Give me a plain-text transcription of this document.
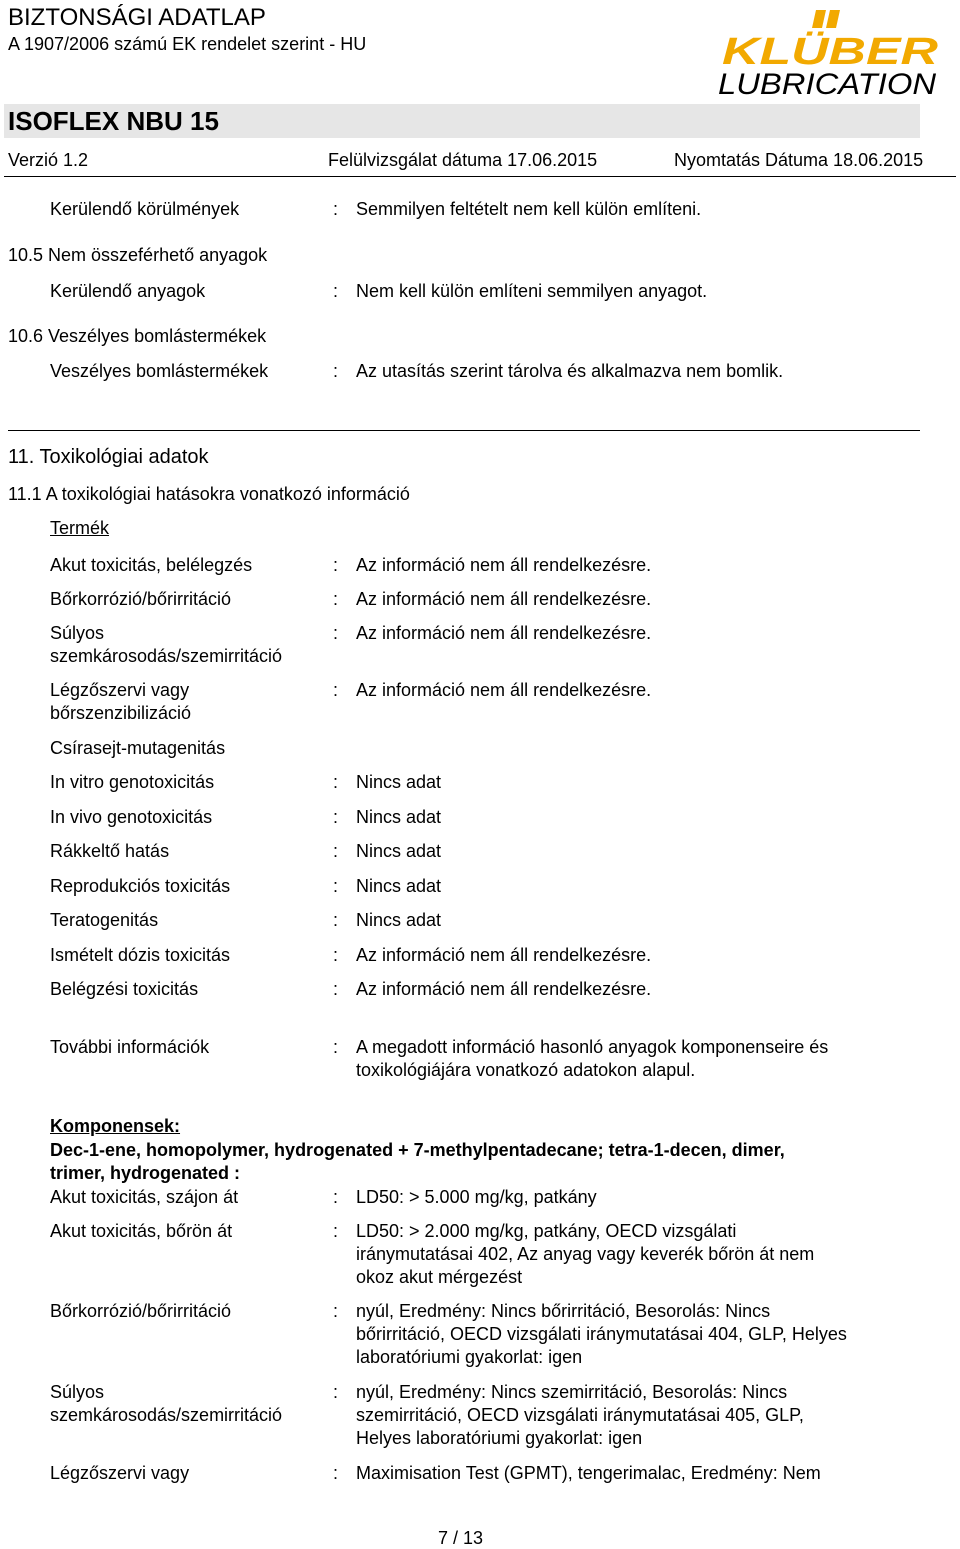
BIZTONSÁGI ADATLAP
A 1907/2006 számú EK rendelet szerint - HU	KLÜBER
LUBRICATION
ISOFLEX NBU 15
Verzió 1.2	Felülvizsgálat dátuma 17.06.2015	Nyomtatás Dátuma 18.06.2015
Kerülendő körülmények	: Semmilyen feltételt nem kell külön említeni.
10.5 Nem összeférhető anyagok
Kerülendő anyagok	: Nem kell külön említeni semmilyen anyagot.
10.6 Veszélyes bomlástermékek
Veszélyes bomlástermékek	: Az utasítás szerint tárolva és alkalmazva nem bomlik.
11. Toxikológiai adatok
11.1 A toxikológiai hatásokra vonatkozó információ
Termék
Akut toxicitás, belélegzés	: Az információ nem áll rendelkezésre.
Bőrkorrózió/bőrirritáció	: Az információ nem áll rendelkezésre.
Súlyos
szemkárosodás/szemirritáció
: Az információ nem áll rendelkezésre.
Légzőszervi vagy
bőrszenzibilizáció
: Az információ nem áll rendelkezésre.
Csírasejt-mutagenitás
In vitro genotoxicitás	: Nincs adat
In vivo genotoxicitás	: Nincs adat
Rákkeltő hatás	: Nincs adat
Reprodukciós toxicitás	: Nincs adat
Teratogenitás	: Nincs adat
Ismételt dózis toxicitás	: Az információ nem áll rendelkezésre.
Belégzési toxicitás	: Az információ nem áll rendelkezésre.
További információk	: A megadott információ hasonló anyagok komponenseire és
toxikológiájára vonatkozó adatokon alapul.
Komponensek:
Dec-1-ene, homopolymer, hydrogenated + 7-methylpentadecane; tetra-1-decen, dimer,
trimer, hydrogenated :
Akut toxicitás, szájon át	: LD50: > 5.000 mg/kg, patkány
Akut toxicitás, bőrön át	: LD50: > 2.000 mg/kg, patkány, OECD vizsgálati
iránymutatásai 402, Az anyag vagy keverék bőrön át nem
okoz akut mérgezést
Bőrkorrózió/bőrirritáció	: nyúl, Eredmény: Nincs bőrirritáció, Besorolás: Nincs
bőrirritáció, OECD vizsgálati iránymutatásai 404, GLP, Helyes
laboratóriumi gyakorlat: igen
Súlyos
szemkárosodás/szemirritáció
: nyúl, Eredmény: Nincs szemirritáció, Besorolás: Nincs
szemirritáció, OECD vizsgálati iránymutatásai 405, GLP,
Helyes laboratóriumi gyakorlat: igen
Légzőszervi vagy	: Maximisation Test (GPMT), tengerimalac, Eredmény: Nem
7 / 13
